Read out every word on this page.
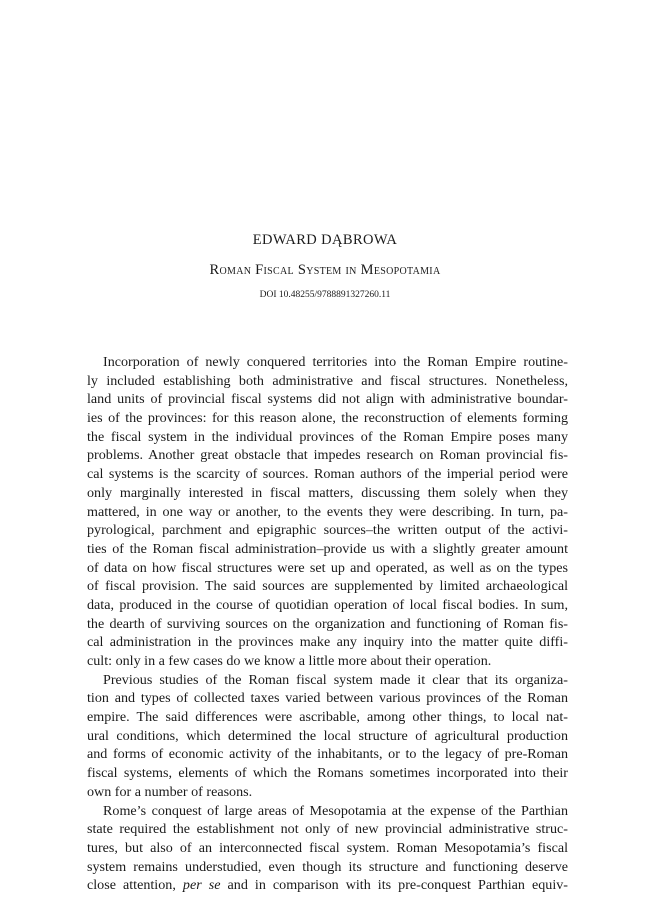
EDWARD DĄBROWA
Roman Fiscal System in Mesopotamia
DOI 10.48255/9788891327260.11
Incorporation of newly conquered territories into the Roman Empire routine-
ly included establishing both administrative and fiscal structures. Nonetheless,
land units of provincial fiscal systems did not align with administrative boundar-
ies of the provinces: for this reason alone, the reconstruction of elements forming
the fiscal system in the individual provinces of the Roman Empire poses many
problems. Another great obstacle that impedes research on Roman provincial fis-
cal systems is the scarcity of sources. Roman authors of the imperial period were
only marginally interested in fiscal matters, discussing them solely when they
mattered, in one way or another, to the events they were describing. In turn, pa-
pyrological, parchment and epigraphic sources–the written output of the activi-
ties of the Roman fiscal administration–provide us with a slightly greater amount
of data on how fiscal structures were set up and operated, as well as on the types
of fiscal provision. The said sources are supplemented by limited archaeological
data, produced in the course of quotidian operation of local fiscal bodies. In sum,
the dearth of surviving sources on the organization and functioning of Roman fis-
cal administration in the provinces make any inquiry into the matter quite diffi-
cult: only in a few cases do we know a little more about their operation.
Previous studies of the Roman fiscal system made it clear that its organiza-
tion and types of collected taxes varied between various provinces of the Roman
empire. The said differences were ascribable, among other things, to local nat-
ural conditions, which determined the local structure of agricultural production
and forms of economic activity of the inhabitants, or to the legacy of pre-Roman
fiscal systems, elements of which the Romans sometimes incorporated into their
own for a number of reasons.
Rome’s conquest of large areas of Mesopotamia at the expense of the Parthian
state required the establishment not only of new provincial administrative struc-
tures, but also of an interconnected fiscal system. Roman Mesopotamia’s fiscal
system remains understudied, even though its structure and functioning deserve
close attention, per se and in comparison with its pre-conquest Parthian equiv-
